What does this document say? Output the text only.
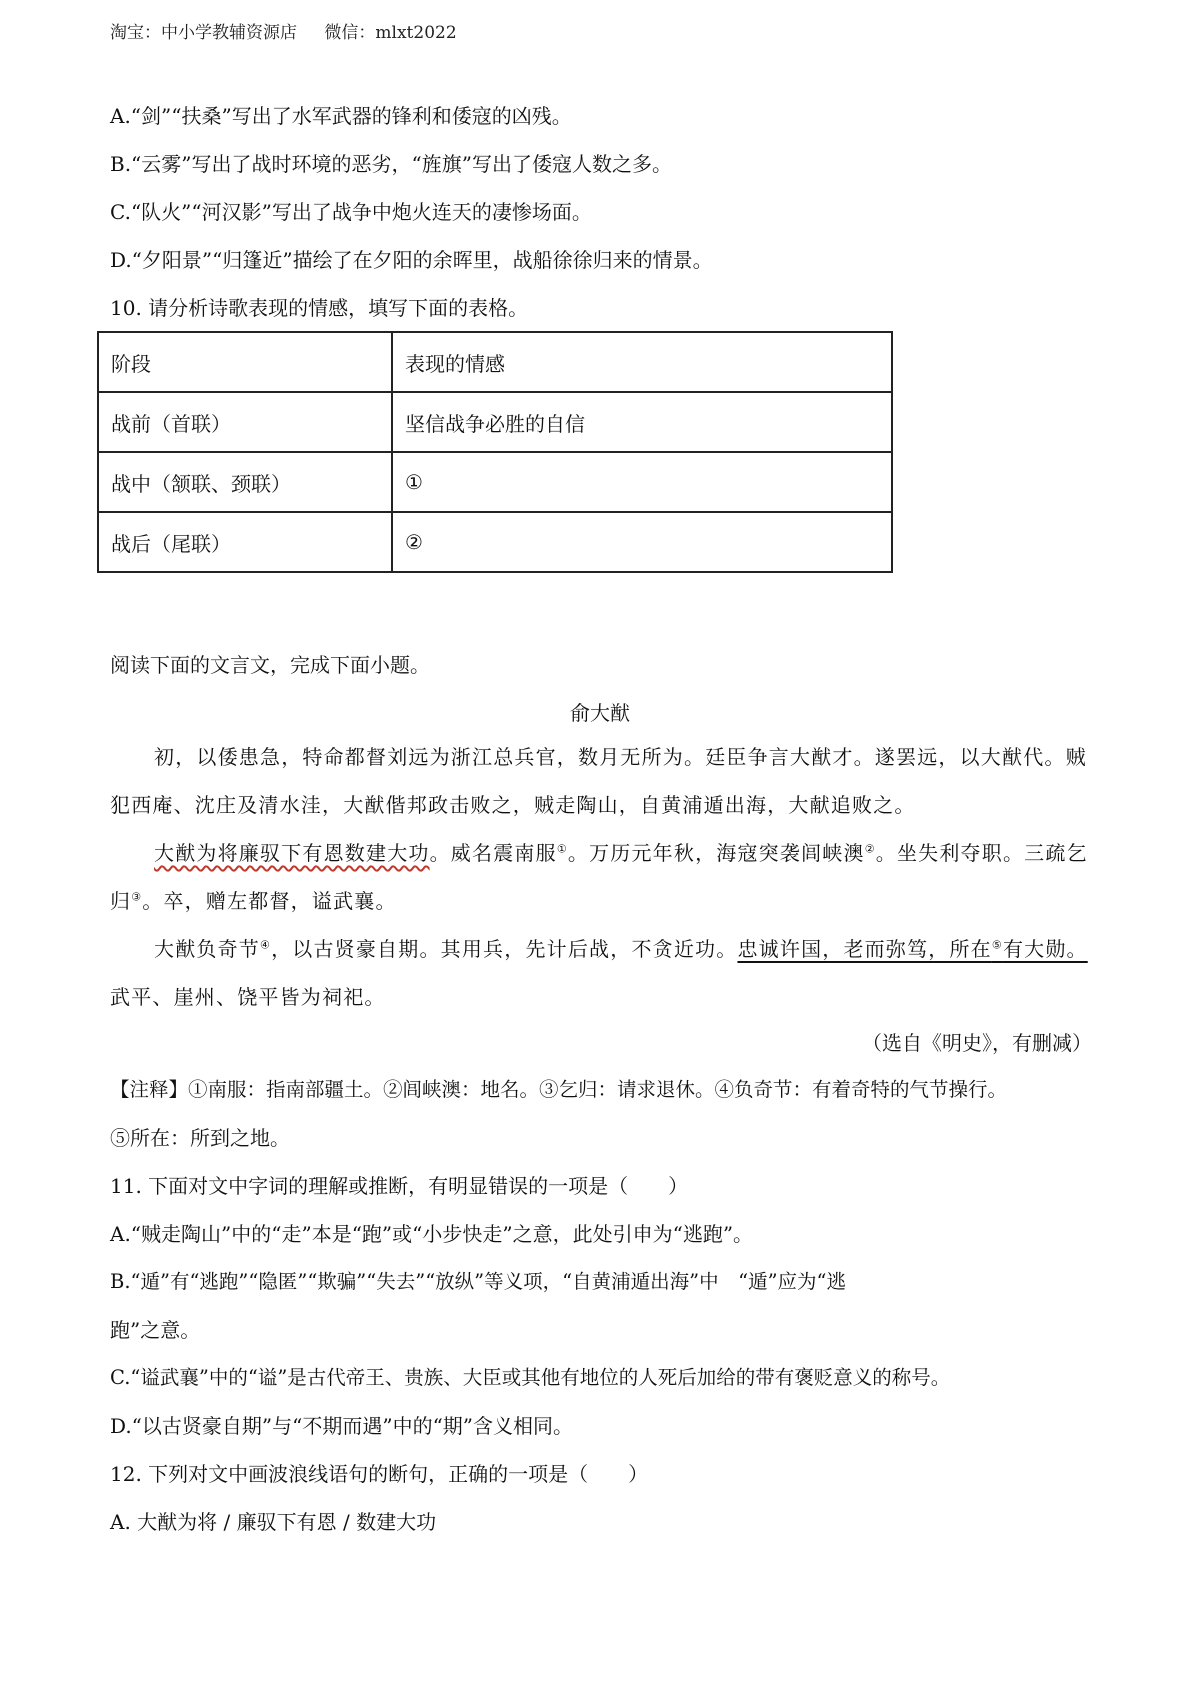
淘宝：中小学教辅资源店 微信：mlxt2022
A.“剑”“扶桑”写出了水军武器的锋利和倭寇的凶残。
B.“云雾”写出了战时环境的恶劣，“旌旗”写出了倭寇人数之多。
C.“队火”“河汉影”写出了战争中炮火连天的凄惨场面。
D.“夕阳景”“归篷近”描绘了在夕阳的余晖里，战船徐徐归来的情景。
10. 请分析诗歌表现的情感，填写下面的表格。
阶段	表现的情感
战前（首联）	坚信战争必胜的自信
战中（颔联、颈联）	①
战后（尾联）	②
阅读下面的文言文，完成下面小题。
俞大猷
初，以倭患急，特命都督刘远为浙江总兵官，数月无所为。廷臣争言大猷才。遂罢远，以大猷代。贼犯西庵、沈庄及清水洼，大猷偕邦政击败之，贼走陶山，自黄浦遁出海，大献追败之。
大猷为将廉驭下有恩数建大功。威名震南服①。万历元年秋，海寇突袭闾峡澳②。坐失利夺职。三疏乞归③。卒，赠左都督，谥武襄。
大猷负奇节④，以古贤豪自期。其用兵，先计后战，不贪近功。忠诚许国，老而弥笃，所在⑤有大勋。武平、崖州、饶平皆为祠祀。
（选自《明史》，有删减）
【注释】①南服：指南部疆土。②闾峡澳：地名。③乞归：请求退休。④负奇节：有着奇特的气节操行。
⑤所在：所到之地。
11. 下面对文中字词的理解或推断，有明显错误的一项是（　　）
A.“贼走陶山”中的“走”本是“跑”或“小步快走”之意，此处引申为“逃跑”。
B.“遁”有“逃跑”“隐匿”“欺骗”“失去”“放纵”等义项，“自黄浦遁出海”中　“遁”应为“逃
跑”之意。
C.“谥武襄”中的“谥”是古代帝王、贵族、大臣或其他有地位的人死后加给的带有褒贬意义的称号。
D.“以古贤豪自期”与“不期而遇”中的“期”含义相同。
12. 下列对文中画波浪线语句的断句，正确的一项是（　　）
A. 大猷为将 / 廉驭下有恩 / 数建大功
